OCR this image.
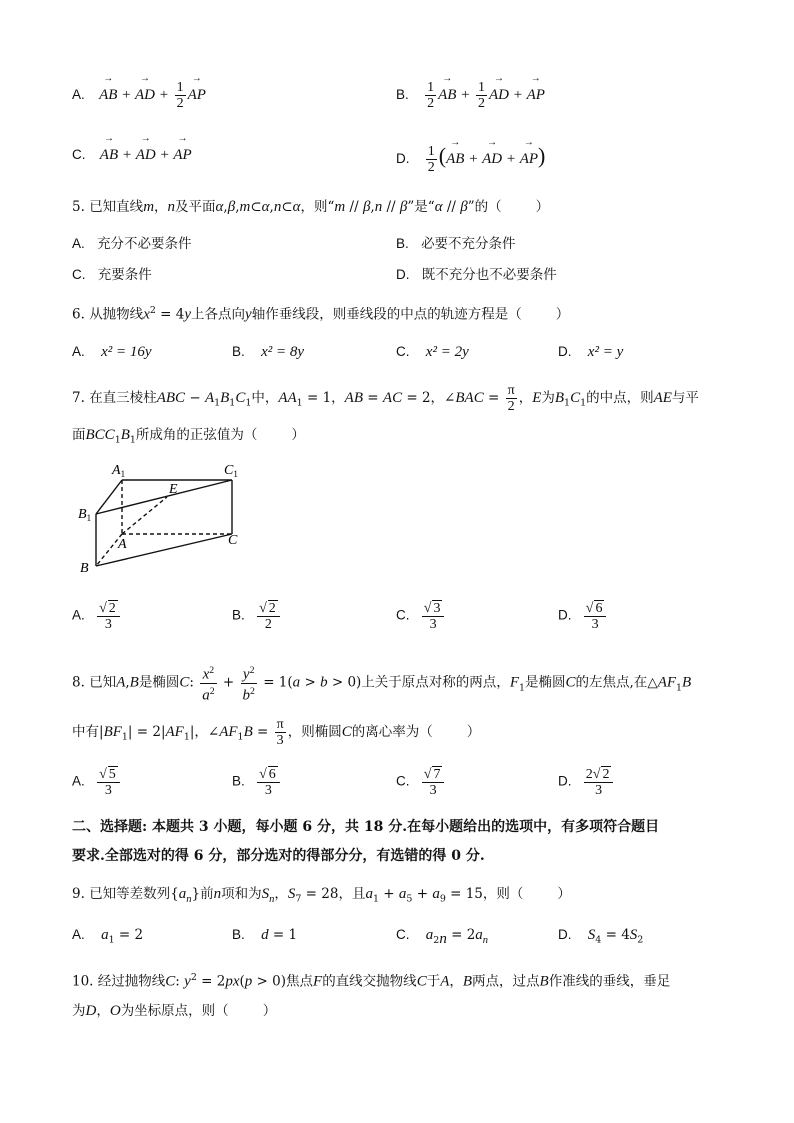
A. → AB + → AD + $\frac{1}{2}$ → AP	B. $\frac{1}{2}$ → AB + $\frac{1}{2}$ → AD + → AP
C. → AB + → AD + → AP	D. $\frac{1}{2}$ (→ AB + → AD + → AP)
5. 已知直线m，n及平面α,β,m⊂α,n⊂α，则“m // β,n // β”是“α // β”的（	）
A. 充分不必要条件	B. 必要不充分条件
C. 充要条件	D. 既不充分也不必要条件
6. 从抛物线$x^2 = 4y$上各点向y轴作垂线段，则垂线段的中点的轨迹方程是（	）
A. x² = 16y	B. x² = 8y	C. x² = 2y	D. x² = y
7. 在直三棱柱ABC − $A_1B_1C_1$中，$AA_1 = 1$，AB = AC = 2，∠BAC = $\frac{\pi}{2}$ ，E为$B_1C_1$的中点，则AE与平
面$BCC_1B_1$所成角的正弦值为（	）
$A_1$	$C_1$
$B_1$
E
A	C
B
A. $\frac{√ 2}{3}$	B. $\frac{√ 2}{2}$	C. $\frac{√ 3}{3}$	D. $\frac{√ 6}{3}$
8. 已知A,B是椭圆C: $\frac{x^2}{a^2} + \frac{y^2}{b^2} = 1(a > b > 0)$上关于原点对称的两点，$F_1$是椭圆C的左焦点,在$\triangle AF_1B$
中有$|BF_1| = 2|AF_1|$，$\angle AF_1B = \frac{\pi}{3}$ ，则椭圆C的离心率为（	）
A. $\frac{√ 5}{3}$	B. $\frac{√ 6}{3}$	C. $\frac{√ 7}{3}$	D. $\frac{2√ 2}{3}$
二、选择题: 本题共 3 小题，每小题 6 分，共 18 分.在每小题给出的选项中，有多项符合题目
要求.全部选对的得 6 分，部分选对的得部分分，有选错的得 0 分.
9. 已知等差数列$\{a_n\}$前n项和为$S_n$，$S_7 = 28$，且$a_1 + a_5 + a_9 = 15$，则（	）
A. $a_1 = 2$	B. d = 1	C. $a_{2n} = 2a_n$	D. $S_4 = 4S_2$
10. 经过抛物线C: $y^2 = 2px(p > 0)$焦点F的直线交抛物线C于A，B两点，过点B作准线的垂线，垂足
为D，O为坐标原点，则（	）
